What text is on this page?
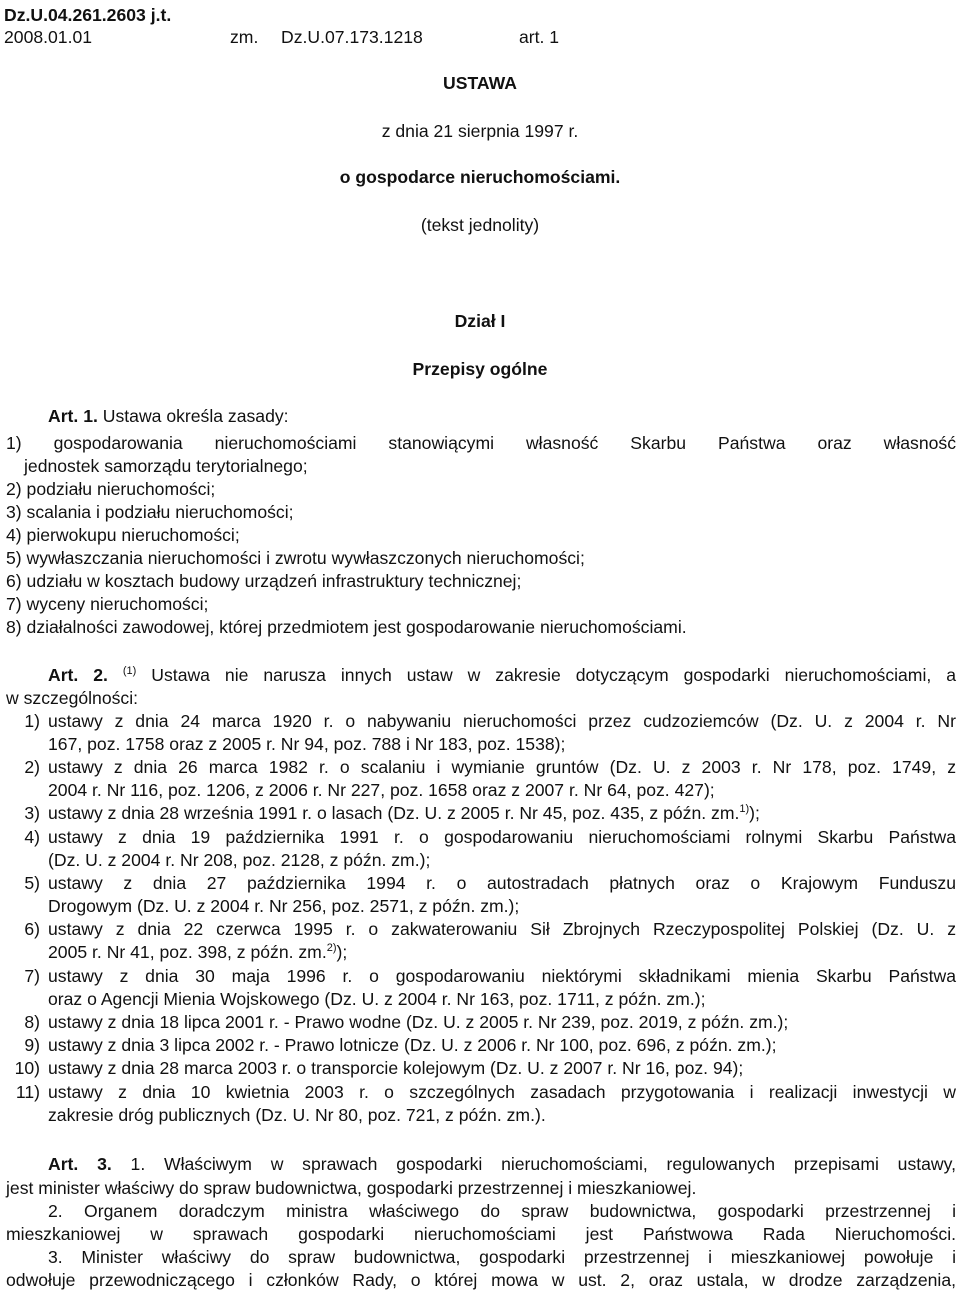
Dz.U.04.261.2603 j.t.
2008.01.01	zm. Dz.U.07.173.1218	art. 1
USTAWA
z dnia 21 sierpnia 1997 r.
o gospodarce nieruchomościami.
(tekst jednolity)
Dział I
Przepisy ogólne
Art. 1. Ustawa określa zasady:
1) gospodarowania nieruchomościami stanowiącymi własność Skarbu Państwa oraz własność
jednostek samorządu terytorialnego;
2) podziału nieruchomości;
3) scalania i podziału nieruchomości;
4) pierwokupu nieruchomości;
5) wywłaszczania nieruchomości i zwrotu wywłaszczonych nieruchomości;
6) udziału w kosztach budowy urządzeń infrastruktury technicznej;
7) wyceny nieruchomości;
8) działalności zawodowej, której przedmiotem jest gospodarowanie nieruchomościami.
Art. 2. $^{(1)}$ Ustawa nie narusza innych ustaw w zakresie dotyczącym gospodarki nieruchomościami, a
w szczególności:
1) ustawy z dnia 24 marca 1920 r. o nabywaniu nieruchomości przez cudzoziemców (Dz. U. z 2004 r. Nr
167, poz. 1758 oraz z 2005 r. Nr 94, poz. 788 i Nr 183, poz. 1538);
2) ustawy z dnia 26 marca 1982 r. o scalaniu i wymianie gruntów (Dz. U. z 2003 r. Nr 178, poz. 1749, z
2004 r. Nr 116, poz. 1206, z 2006 r. Nr 227, poz. 1658 oraz z 2007 r. Nr 64, poz. 427);
3) ustawy z dnia 28 września 1991 r. o lasach (Dz. U. z 2005 r. Nr 45, poz. 435, z późn. zm.$^{1)}$);
4) ustawy z dnia 19 października 1991 r. o gospodarowaniu nieruchomościami rolnymi Skarbu Państwa
(Dz. U. z 2004 r. Nr 208, poz. 2128, z późn. zm.);
5) ustawy z dnia 27 października 1994 r. o autostradach płatnych oraz o Krajowym Funduszu
Drogowym (Dz. U. z 2004 r. Nr 256, poz. 2571, z późn. zm.);
6) ustawy z dnia 22 czerwca 1995 r. o zakwaterowaniu Sił Zbrojnych Rzeczypospolitej Polskiej (Dz. U. z
2005 r. Nr 41, poz. 398, z późn. zm.$^{2)}$);
7) ustawy z dnia 30 maja 1996 r. o gospodarowaniu niektórymi składnikami mienia Skarbu Państwa
oraz o Agencji Mienia Wojskowego (Dz. U. z 2004 r. Nr 163, poz. 1711, z późn. zm.);
8) ustawy z dnia 18 lipca 2001 r. - Prawo wodne (Dz. U. z 2005 r. Nr 239, poz. 2019, z późn. zm.);
9) ustawy z dnia 3 lipca 2002 r. - Prawo lotnicze (Dz. U. z 2006 r. Nr 100, poz. 696, z późn. zm.);
10) ustawy z dnia 28 marca 2003 r. o transporcie kolejowym (Dz. U. z 2007 r. Nr 16, poz. 94);
11) ustawy z dnia 10 kwietnia 2003 r. o szczególnych zasadach przygotowania i realizacji inwestycji w
zakresie dróg publicznych (Dz. U. Nr 80, poz. 721, z późn. zm.).
Art. 3. 1. Właściwym w sprawach gospodarki nieruchomościami, regulowanych przepisami ustawy,
jest minister właściwy do spraw budownictwa, gospodarki przestrzennej i mieszkaniowej.
2. Organem doradczym ministra właściwego do spraw budownictwa, gospodarki przestrzennej i
mieszkaniowej w sprawach gospodarki nieruchomościami jest Państwowa Rada Nieruchomości.
3. Minister właściwy do spraw budownictwa, gospodarki przestrzennej i mieszkaniowej powołuje i
odwołuje przewodniczącego i członków Rady, o której mowa w ust. 2, oraz ustala, w drodze zarządzenia,
